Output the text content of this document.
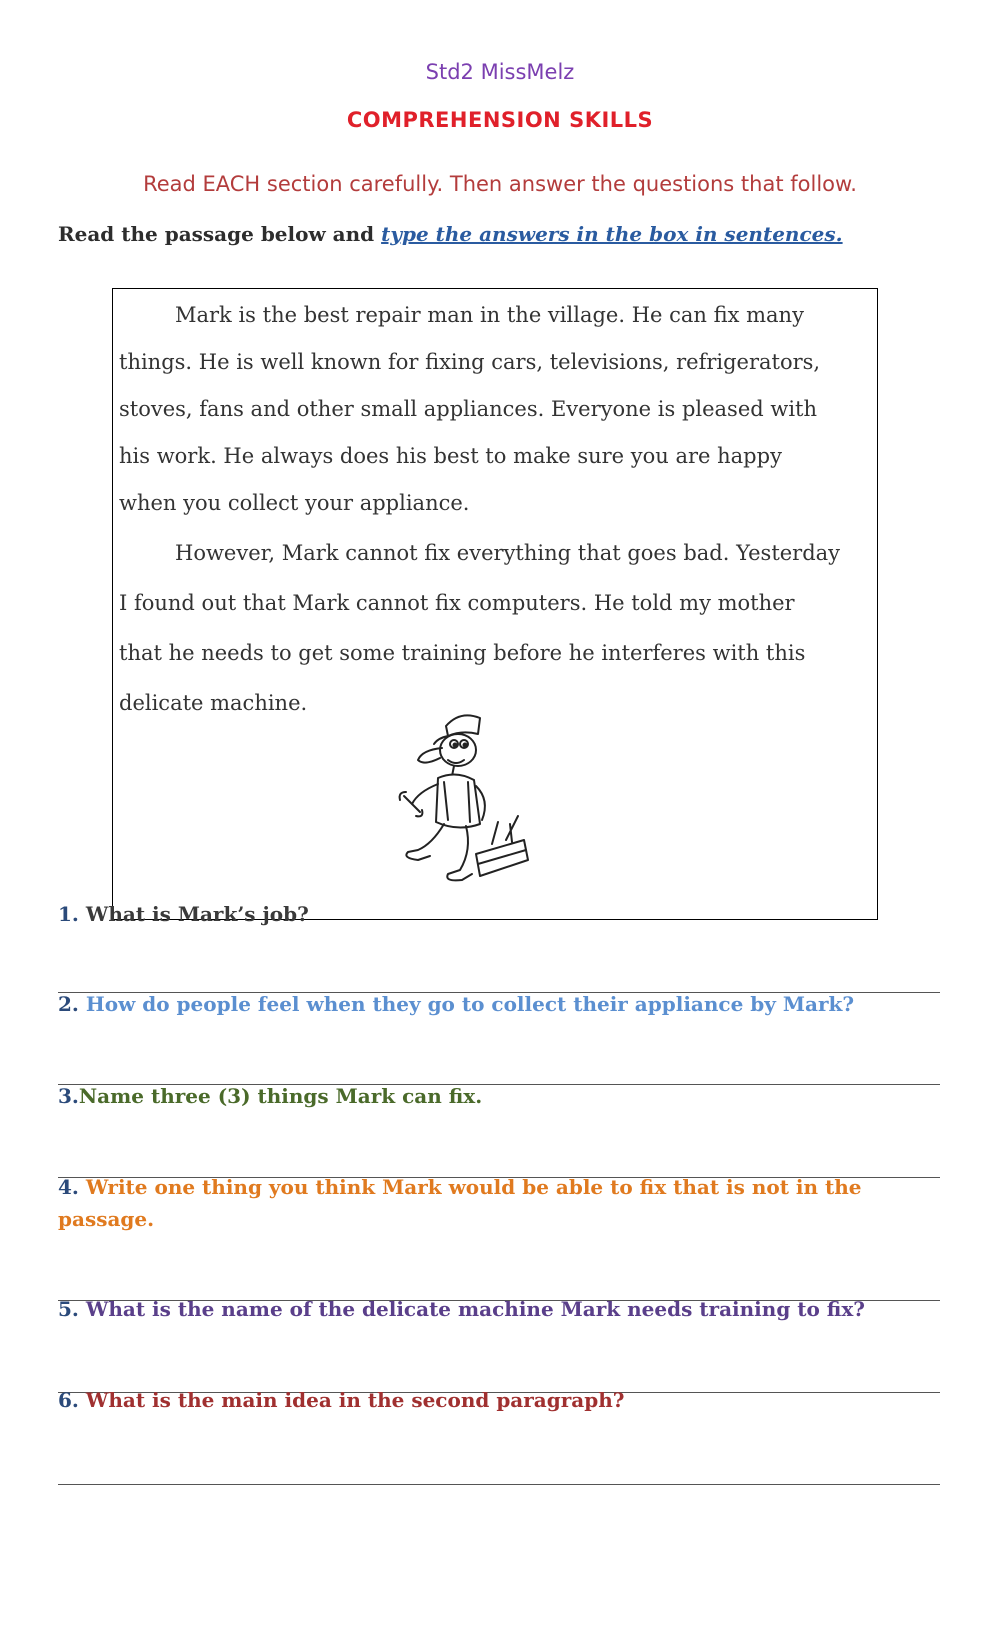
Std2 MissMelz
COMPREHENSION SKILLS
Read EACH section carefully. Then answer the questions that follow.
Read the passage below and type the answers in the box in sentences.
Mark is the best repair man in the village. He can fix many
things. He is well known for fixing cars, televisions, refrigerators,
stoves, fans and other small appliances. Everyone is pleased with
his work. He always does his best to make sure you are happy
when you collect your appliance.
However, Mark cannot fix everything that goes bad. Yesterday
I found out that Mark cannot fix computers. He told my mother
that he needs to get some training before he interferes with this
delicate machine.
1. What is Mark’s job?
2. How do people feel when they go to collect their appliance by Mark?
3.Name three (3) things Mark can fix.
4. Write one thing you think Mark would be able to fix that is not in the passage.
5. What is the name of the delicate machine Mark needs training to fix?
6. What is the main idea in the second paragraph?
